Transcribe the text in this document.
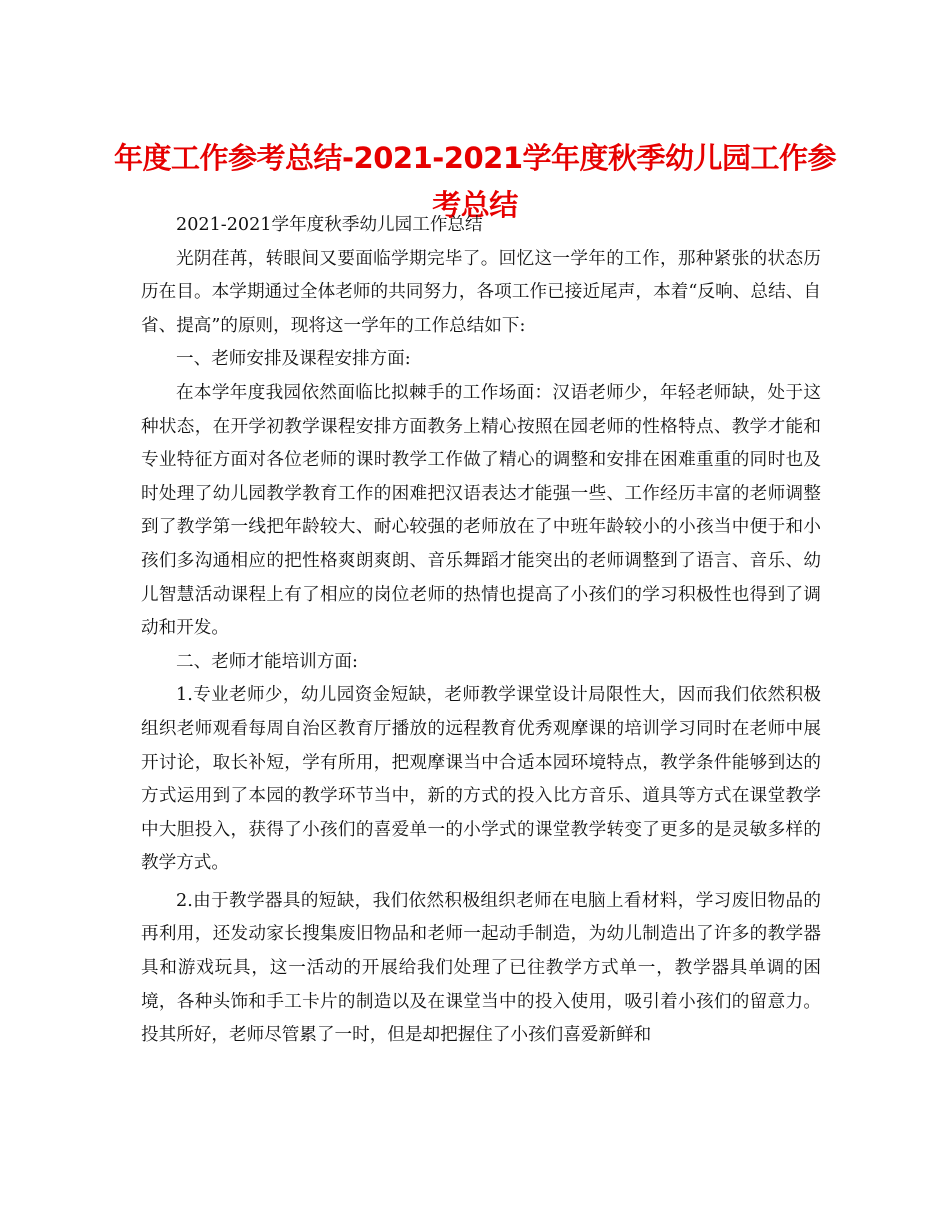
年度工作参考总结-2021-2021学年度秋季幼儿园工作参考总结

2021-2021学年度秋季幼儿园工作总结

光阴荏苒，转眼间又要面临学期完毕了。回忆这一学年的工作，那种紧张的状态历历在目。本学期通过全体老师的共同努力，各项工作已接近尾声，本着“反响、总结、自省、提高”的原则，现将这一学年的工作总结如下:

一、老师安排及课程安排方面:

在本学年度我园依然面临比拟棘手的工作场面：汉语老师少，年轻老师缺，处于这种状态，在开学初教学课程安排方面教务上精心按照在园老师的性格特点、教学才能和专业特征方面对各位老师的课时教学工作做了精心的调整和安排在困难重重的同时也及时处理了幼儿园教学教育工作的困难把汉语表达才能强一些、工作经历丰富的老师调整到了教学第一线把年龄较大、耐心较强的老师放在了中班年龄较小的小孩当中便于和小孩们多沟通相应的把性格爽朗爽朗、音乐舞蹈才能突出的老师调整到了语言、音乐、幼儿智慧活动课程上有了相应的岗位老师的热情也提高了小孩们的学习积极性也得到了调动和开发。

二、老师才能培训方面:

1.专业老师少，幼儿园资金短缺，老师教学课堂设计局限性大，因而我们依然积极组织老师观看每周自治区教育厅播放的远程教育优秀观摩课的培训学习同时在老师中展开讨论，取长补短，学有所用，把观摩课当中合适本园环境特点，教学条件能够到达的方式运用到了本园的教学环节当中，新的方式的投入比方音乐、道具等方式在课堂教学中大胆投入，获得了小孩们的喜爱单一的小学式的课堂教学转变了更多的是灵敏多样的教学方式。

2.由于教学器具的短缺，我们依然积极组织老师在电脑上看材料，学习废旧物品的再利用，还发动家长搜集废旧物品和老师一起动手制造，为幼儿制造出了许多的教学器具和游戏玩具，这一活动的开展给我们处理了已往教学方式单一，教学器具单调的困境，各种头饰和手工卡片的制造以及在课堂当中的投入使用，吸引着小孩们的留意力。投其所好，老师尽管累了一时，但是却把握住了小孩们喜爱新鲜和
